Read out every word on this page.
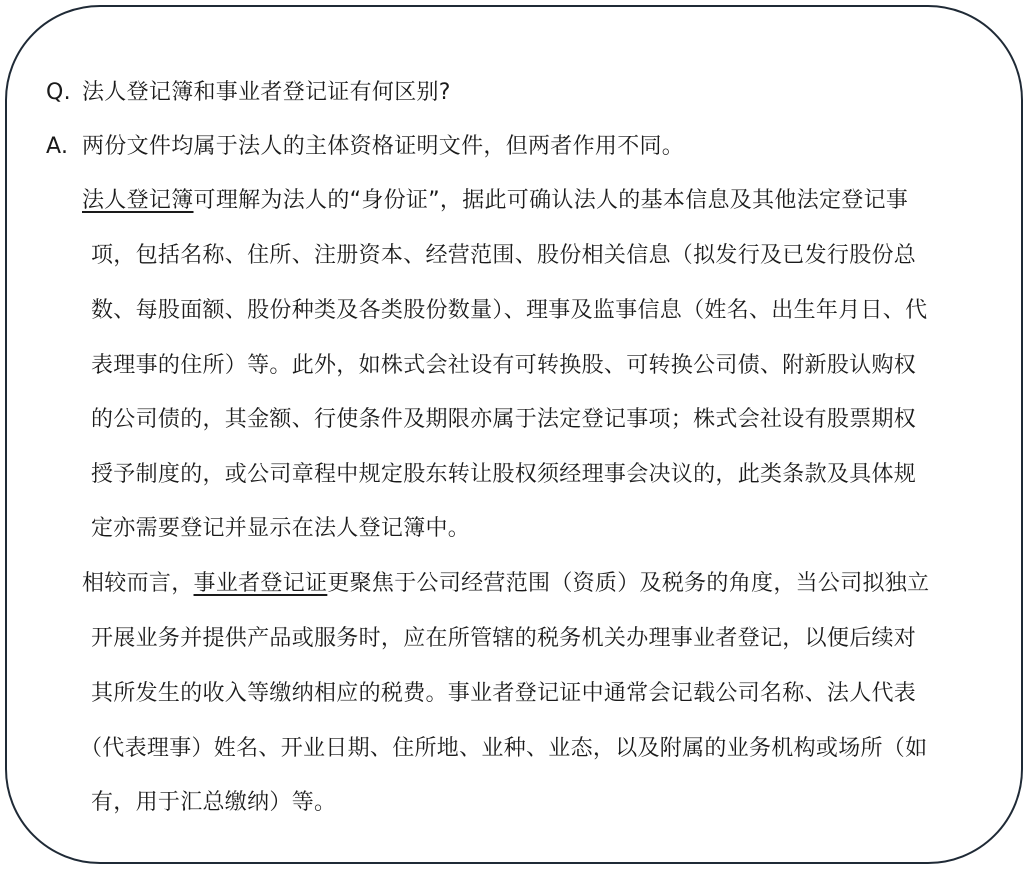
Q. 法人登记簿和事业者登记证有何区别?
A. 两份文件均属于法人的主体资格证明文件，但两者作用不同。
法人登记簿可理解为法人的“身份证”，据此可确认法人的基本信息及其他法定登记事
项，包括名称、住所、注册资本、经营范围、股份相关信息（拟发行及已发行股份总
数、每股面额、股份种类及各类股份数量）、理事及监事信息（姓名、出生年月日、代
表理事的住所）等。此外，如株式会社设有可转换股、可转换公司债、附新股认购权
的公司债的，其金额、行使条件及期限亦属于法定登记事项；株式会社设有股票期权
授予制度的，或公司章程中规定股东转让股权须经理事会决议的，此类条款及具体规
定亦需要登记并显示在法人登记簿中。
相较而言，事业者登记证更聚焦于公司经营范围（资质）及税务的角度，当公司拟独立
开展业务并提供产品或服务时，应在所管辖的税务机关办理事业者登记，以便后续对
其所发生的收入等缴纳相应的税费。事业者登记证中通常会记载公司名称、法人代表
（代表理事）姓名、开业日期、住所地、业种、业态，以及附属的业务机构或场所（如
有，用于汇总缴纳）等。
